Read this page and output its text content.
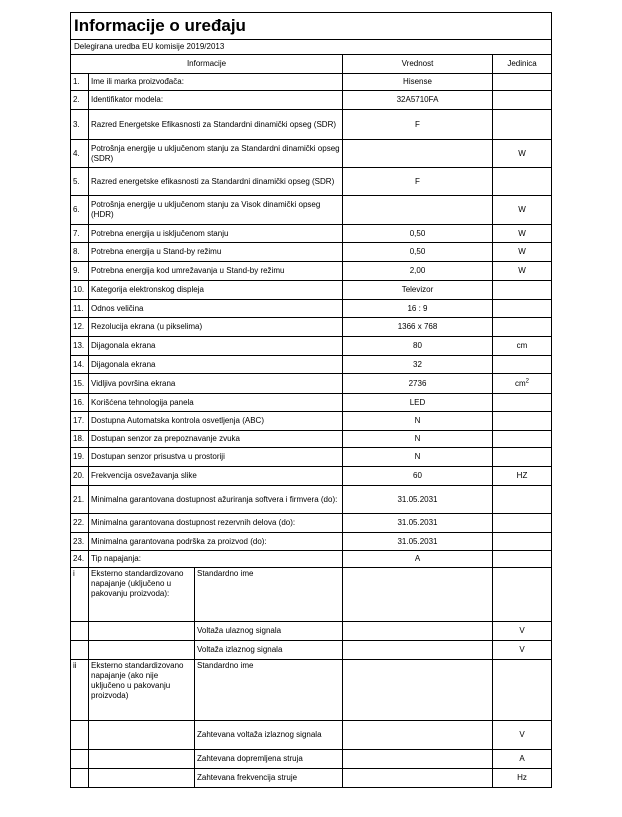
Informacije o uređaju				
Delegirana uredba EU komisije 2019/2013				
Informacije			Vrednost	Jedinica
1.	Ime ili marka proizvođača:		Hisense	
2.	Identifikator modela:		32A5710FA	
3.	Razred Energetske Efikasnosti za Standardni dinamički opseg (SDR)		F	
4.	Potrošnja energije u uključenom stanju za Standardni dinamički opseg (SDR)			W
5.	Razred energetske efikasnosti za Standardni dinamički opseg (SDR)		F	
6.	Potrošnja energije u uključenom stanju za Visok dinamički opseg (HDR)			W
7.	Potrebna energija u isključenom stanju		0,50	W
8.	Potrebna energija u Stand-by režimu		0,50	W
9.	Potrebna energija kod umrežavanja u Stand-by režimu		2,00	W
10.	Kategorija elektronskog displeja		Televizor	
11.	Odnos veličina		16 : 9	
12.	Rezolucija ekrana (u pikselima)		1366 x 768	
13.	Dijagonala ekrana		80	cm
14.	Dijagonala ekrana		32	
15.	Vidljiva površina ekrana		2736	$cm^2$
16.	Korišćena tehnologija panela		LED	
17.	Dostupna Automatska kontrola osvetljenja (ABC)		N	
18.	Dostupan senzor za prepoznavanje zvuka		N	
19.	Dostupan senzor prisustva u prostoriji		N	
20.	Frekvencija osvežavanja slike		60	HZ
21.	Minimalna garantovana dostupnost ažuriranja softvera i firmvera (do):		31.05.2031	
22.	Minimalna garantovana dostupnost rezervnih delova (do):		31.05.2031	
23.	Minimalna garantovana podrška za proizvod (do):		31.05.2031	
24.	Tip napajanja:		A	
i	Eksterno standardizovano napajanje (uključeno u pakovanju proizvoda):	Standardno ime		
		Voltaža ulaznog signala		V
		Voltaža izlaznog signala		V
ii	Eksterno standardizovano napajanje (ako nije uključeno u pakovanju proizvoda)	Standardno ime		
		Zahtevana voltaža izlaznog signala		V
		Zahtevana dopremljena struja		A
		Zahtevana frekvencija struje		Hz
